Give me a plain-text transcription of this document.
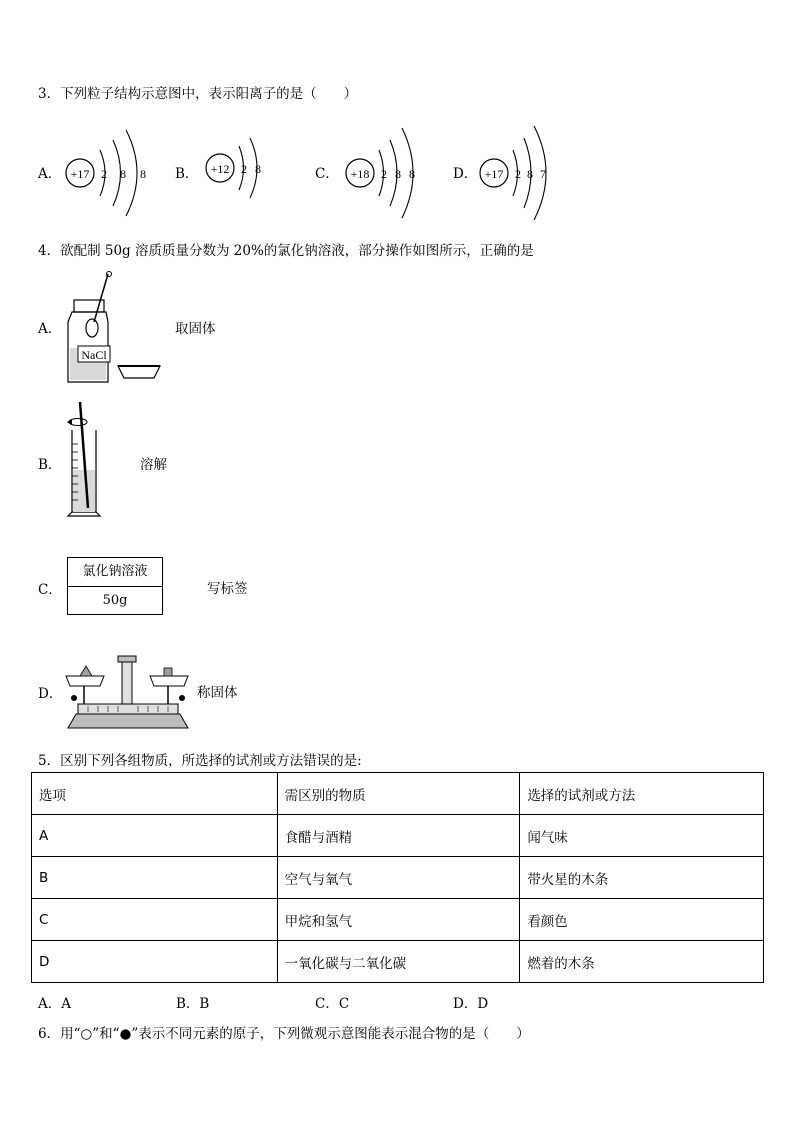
3．下列粒子结构示意图中，表示阳离子的是（　　）
A． +17 2 8 8 B． +12 2 8	C． +18 2 8 8	D． +17 2 8 7
4．欲配制 50g 溶质质量分数为 20%的氯化钠溶液，部分操作如图所示，正确的是
A．
NaCl
取固体
B．	溶解
C．
氯化钠溶液
50g
写标签
D．	称固体
5．区别下列各组物质，所选择的试剂或方法错误的是:
选项	需区别的物质	选择的试剂或方法
A	食醋与酒精	闻气味
B	空气与氧气	带火星的木条
C	甲烷和氢气	看颜色
D	一氧化碳与二氧化碳	燃着的木条
A．A	B．B	C．C	D．D
6．用“○”和“●”表示不同元素的原子，下列微观示意图能表示混合物的是（　　）
